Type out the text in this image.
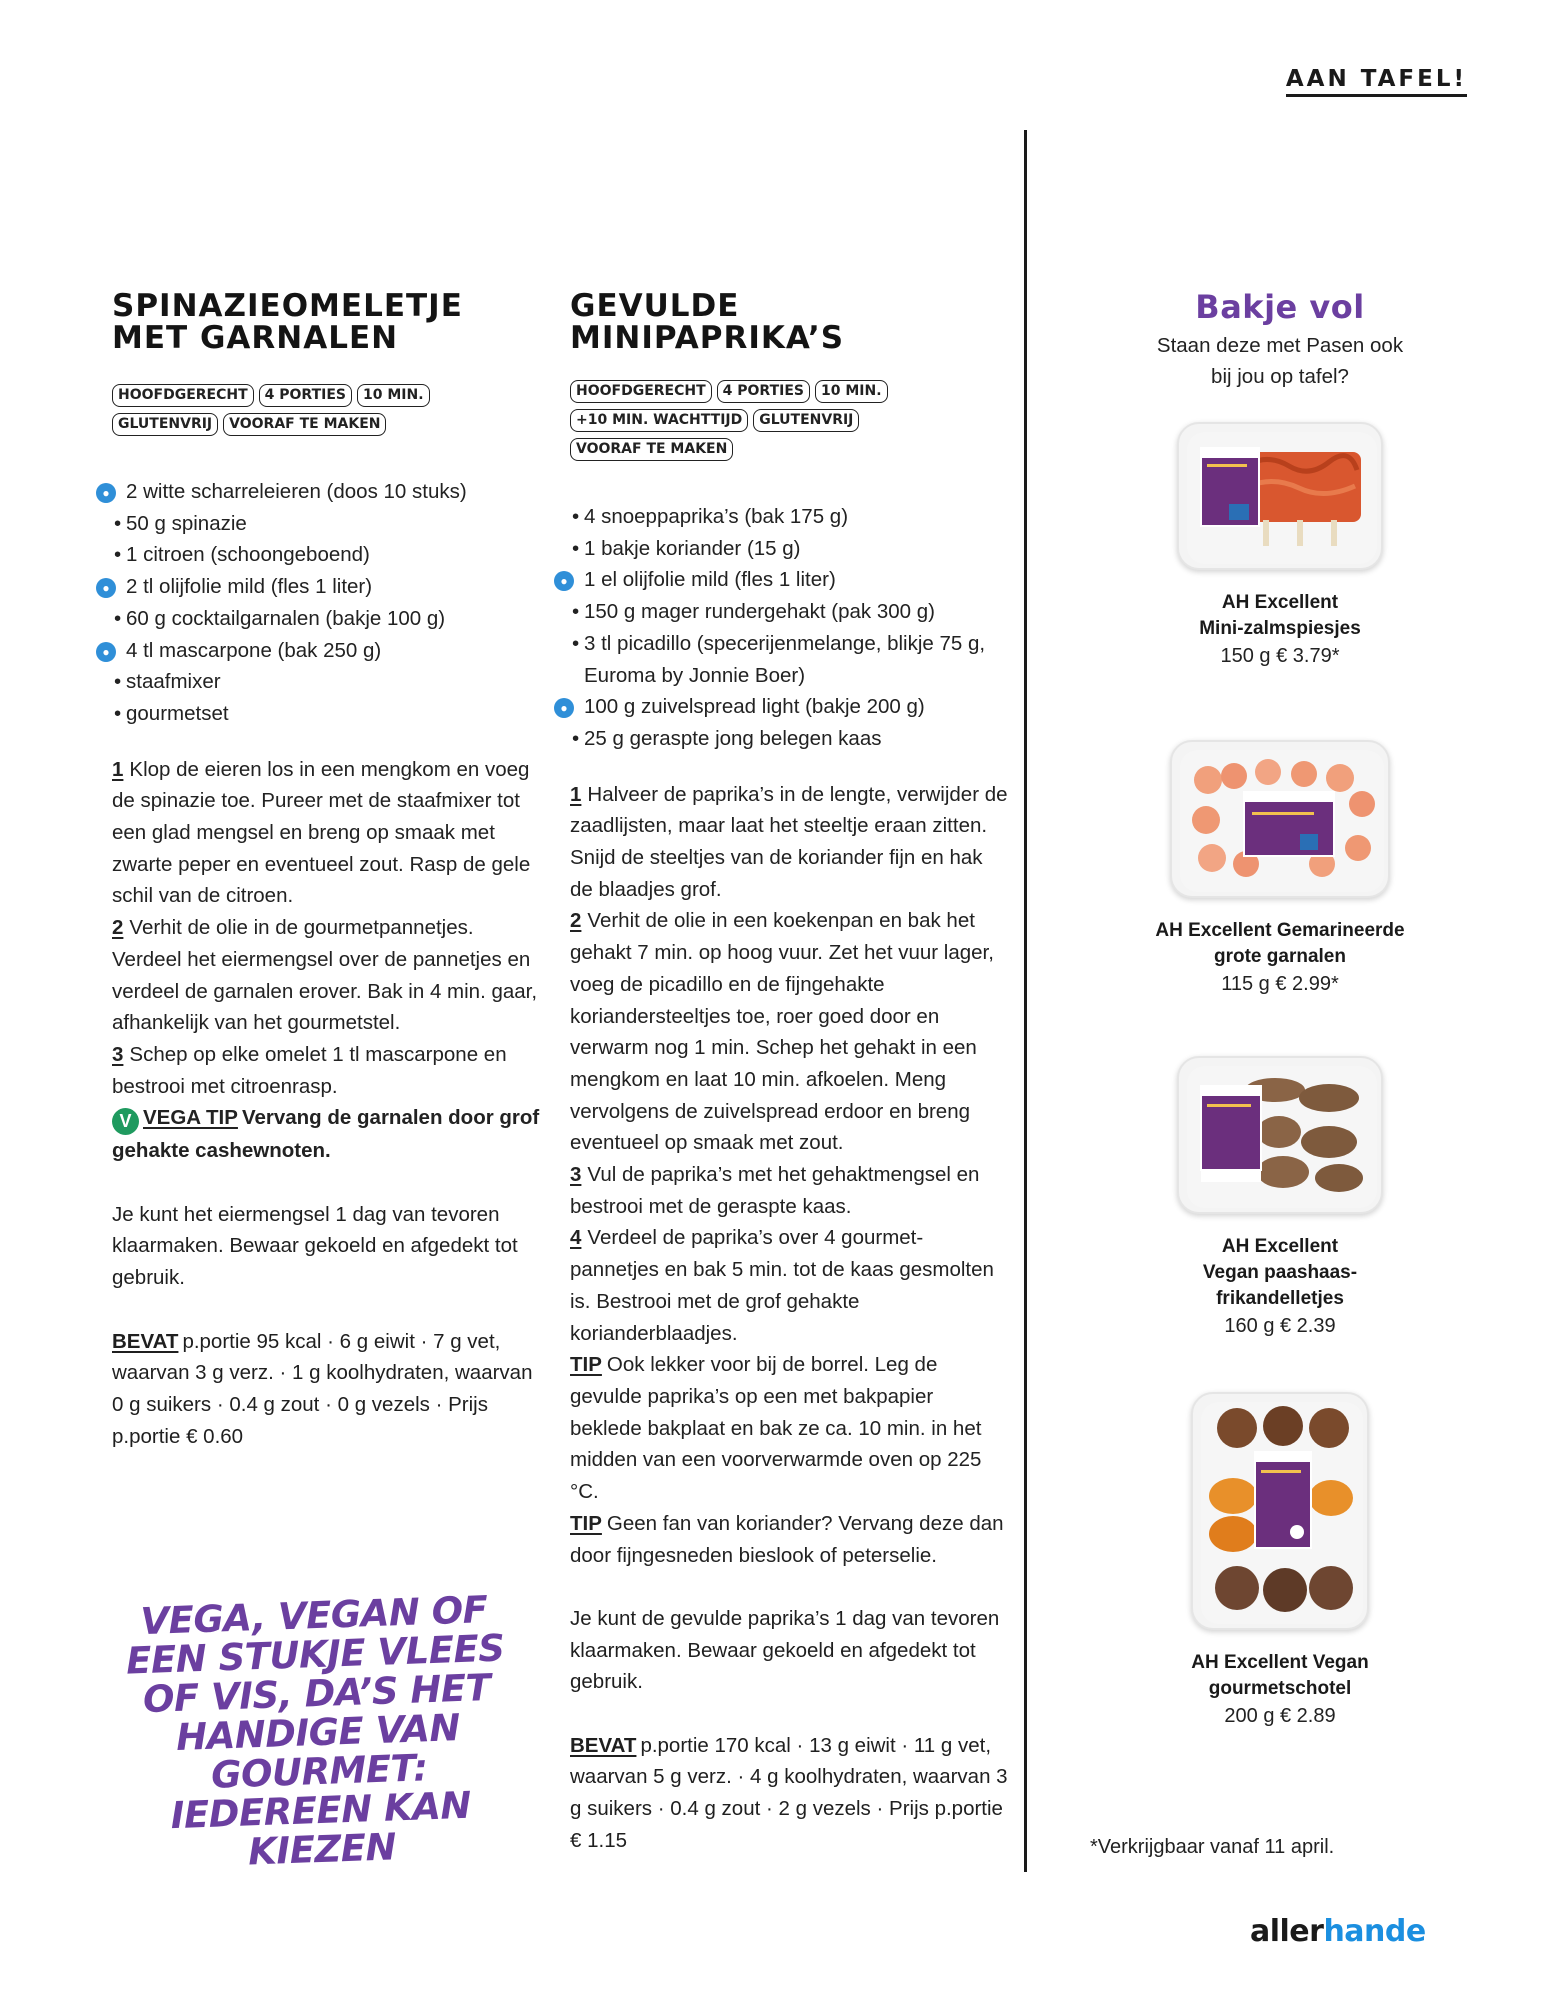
AAN TAFEL!
SPINAZIEOMELETJE
MET GARNALEN
HOOFDGERECHT	4 PORTIES	10 MIN.
GLUTENVRIJ	VOORAF TE MAKEN
● 2 witte scharreleieren (doos 10 stuks)
• 50 g spinazie
• 1 citroen (schoongeboend)
● 2 tl olijfolie mild (fles 1 liter)
• 60 g cocktailgarnalen (bakje 100 g)
● 4 tl mascarpone (bak 250 g)
• staafmixer
• gourmetset

1 Klop de eieren los in een mengkom en voeg de spinazie toe. Pureer met de staafmixer tot een glad mengsel en breng op smaak met zwarte peper en eventueel zout. Rasp de gele schil van de citroen.

2 Verhit de olie in de gourmetpannetjes. Verdeel het eiermengsel over de pannetjes en verdeel de garnalen erover. Bak in 4 min. gaar, afhankelijk van het gourmetstel.

3 Schep op elke omelet 1 tl mascarpone en bestrooi met citroenrasp.

V VEGA TIP Vervang de garnalen door grof gehakte cashewnoten.

Je kunt het eiermengsel 1 dag van tevoren klaarmaken. Bewaar gekoeld en afgedekt tot gebruik.

BEVAT p.portie 95 kcal · 6 g eiwit · 7 g vet, waarvan 3 g verz. · 1 g koolhydraten, waarvan 0 g suikers · 0.4 g zout · 0 g vezels · Prijs p.portie € 0.60

GEVULDE MINIPAPRIKA’S
HOOFDGERECHT	4 PORTIES	10 MIN.
+10 MIN. WACHTTIJD	GLUTENVRIJ
VOORAF TE MAKEN
• 4 snoeppaprika’s (bak 175 g)
• 1 bakje koriander (15 g)
● 1 el olijfolie mild (fles 1 liter)
• 150 g mager rundergehakt (pak 300 g)
• 3 tl picadillo (specerijenmelange, blikje 75 g, Euroma by Jonnie Boer)
● 100 g zuivelspread light (bakje 200 g)
• 25 g geraspte jong belegen kaas

1 Halveer de paprika’s in de lengte, verwijder de zaadlijsten, maar laat het steeltje eraan zitten. Snijd de steeltjes van de koriander fijn en hak de blaadjes grof.

2 Verhit de olie in een koekenpan en bak het gehakt 7 min. op hoog vuur. Zet het vuur lager, voeg de picadillo en de fijngehakte koriandersteeltjes toe, roer goed door en verwarm nog 1 min. Schep het gehakt in een mengkom en laat 10 min. afkoelen. Meng vervolgens de zuivelspread erdoor en breng eventueel op smaak met zout.

3 Vul de paprika’s met het gehaktmengsel en bestrooi met de geraspte kaas.

4 Verdeel de paprika’s over 4 gourmet-pannetjes en bak 5 min. tot de kaas gesmolten is. Bestrooi met de grof gehakte korianderblaadjes.

TIP Ook lekker voor bij de borrel. Leg de gevulde paprika’s op een met bakpapier beklede bakplaat en bak ze ca. 10 min. in het midden van een voorverwarmde oven op 225 °C.

TIP Geen fan van koriander? Vervang deze dan door fijngesneden bieslook of peterselie.

Je kunt de gevulde paprika’s 1 dag van tevoren klaarmaken. Bewaar gekoeld en afgedekt tot gebruik.

BEVAT p.portie 170 kcal · 13 g eiwit · 11 g vet, waarvan 5 g verz. · 4 g koolhydraten, waarvan 3 g suikers · 0.4 g zout · 2 g vezels · Prijs p.portie € 1.15

VEGA, VEGAN OF EEN STUKJE VLEES OF VIS, DA’S HET HANDIGE VAN GOURMET: IEDEREEN KAN KIEZEN
Bakje vol
Staan deze met Pasen ook
bij jou op tafel?
AH Excellent
Mini-zalmspiesjes
150 g € 3.79*
AH Excellent Gemarineerde
grote garnalen
115 g € 2.99*
AH Excellent
Vegan paashaas-
frikandelletjes
160 g € 2.39
AH Excellent Vegan
gourmetschotel
200 g € 2.89
*Verkrijgbaar vanaf 11 april.
allerhande
